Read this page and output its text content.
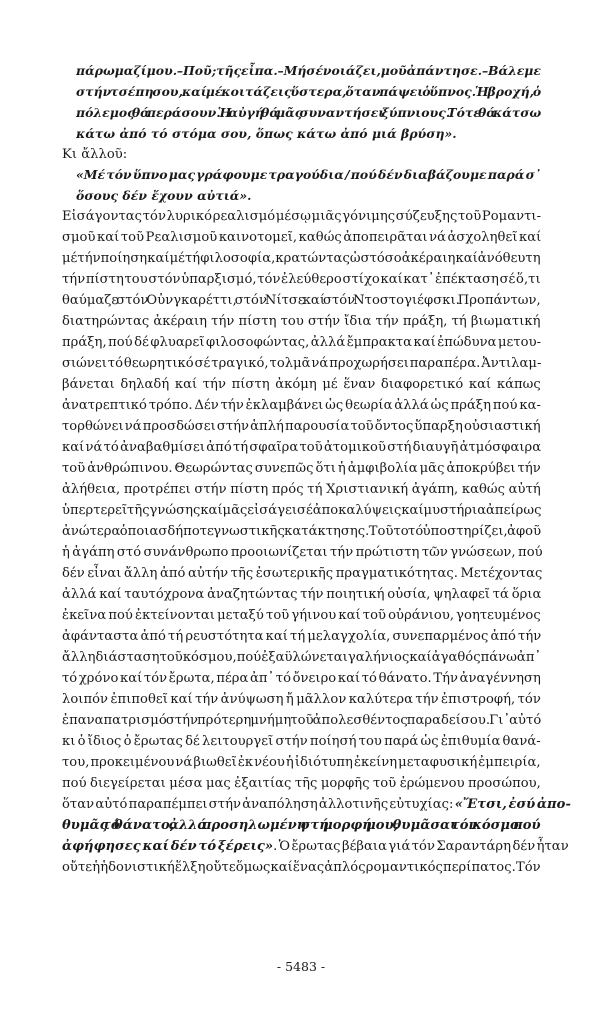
πάρω μαζί μου. – Ποῦ; τῆς εἶπα. – Μή σέ νοιάζει, μοῦ ἀπάντησε. – Βάλε με
στήν τσέπη σου, καί μέ κοιτάζεις ὕστερα, ὅταν πάψει ὁ ὕπνος. Ἡ βροχή, ὁ
πόλεμος θά περάσουν. Ἡ αὐγή θά μᾶς συναντήσει ξύπνιους. Τότε θά κάτσω
κάτω ἀπό τό στόμα σου, ὅπως κάτω ἀπό μιά βρύση».
Κι ἄλλοῦ:
«Μέ τόν ὕπνο μας γράφουμε τραγούδια / πού δέν διαβάζουμε παρά σ᾽
ὅσους δέν ἔχουν αὐτιά».
Εἰσάγοντας τόν λυρικό ρεαλισμό μέσῳ μιᾶς γόνιμης σύζευξης τοῦ Ρομαντι-
σμοῦ καί τοῦ Ρεαλισμοῦ καινοτομεῖ, καθώς ἀποπειρᾶται νά ἀσχοληθεῖ καί
μέ τήν ποίηση καί μέ τή φιλοσοφία, κρατώντας ὡστόσο ἀκέραιη καί ἀνόθευτη
τήν πίστη του στόν ὑπαρξισμό, τόν ἐλεύθερο στίχο καί κατ᾽ ἐπέκταση σέ ὅ,τι
θαύμαζε στόν Οὐνγκαρέττι, στόν Νίτσε καί στόν Ντοστογιέφσκι. Προπάντων,
διατηρώντας ἀκέραιη τήν πίστη του στήν ἴδια τήν πράξη, τή βιωματική
πράξη, πού δέ φλυαρεῖ φιλοσοφώντας, ἀλλά ἔμπρακτα καί ἐπώδυνα μετου-
σιώνει τό θεωρητικό σέ τραγικό, τολμᾶ νά προχωρήσει παραπέρα. Ἀντιλαμ-
βάνεται δηλαδή καί τήν πίστη ἀκόμη μέ ἕναν διαφορετικό καί κάπως
ἀνατρεπτικό τρόπο. Δέν τήν ἐκλαμβάνει ὡς θεωρία ἀλλά ὡς πράξη πού κα-
τορθώνει νά προσδώσει στήν ἁπλή παρουσία τοῦ ὄντος ὕπαρξη οὐσιαστική
καί νά τό ἀναβαθμίσει ἀπό τή σφαῖρα τοῦ ἀτομικοῦ στή διαυγῆ ἀτμόσφαιρα
τοῦ ἀνθρώπινου. Θεωρώντας συνεπῶς ὅτι ἡ ἀμφιβολία μᾶς ἀποκρύβει τήν
ἀλήθεια, προτρέπει στήν πίστη πρός τή Χριστιανική ἀγάπη, καθώς αὐτή
ὑπερτερεῖ τῆς γνώσης καί μᾶς εἰσάγει σέ ἀποκαλύψεις καί μυστήρια ἀπείρως
ἀνώτερα ὁποιασδήποτε γνωστικῆς κατάκτησης. Τοῦτο τό ὑποστηρίζει, ἀφοῦ
ἡ ἀγάπη στό συνάνθρωπο προοιωνίζεται τήν πρώτιστη τῶν γνώσεων, πού
δέν εἶναι ἄλλη ἀπό αὐτήν τῆς ἐσωτερικῆς πραγματικότητας. Μετέχοντας
ἀλλά καί ταυτόχρονα ἀναζητώντας τήν ποιητική οὐσία, ψηλαφεῖ τά ὅρια
ἐκεῖνα πού ἐκτείνονται μεταξύ τοῦ γήινου καί τοῦ οὐράνιου, γοητευμένος
ἀφάνταστα ἀπό τή ρευστότητα καί τή μελαγχολία, συνεπαρμένος ἀπό τήν
ἄλλη διάσταση τοῦ κόσμου, πού ἐξαϋλώνεται γαλήνιος καί ἀγαθός πάνω ἀπ᾽
τό χρόνο καί τόν ἔρωτα, πέρα ἀπ᾽ τό ὄνειρο καί τό θάνατο. Τήν ἀναγέννηση
λοιπόν ἐπιποθεῖ καί τήν ἀνύψωση ἤ μᾶλλον καλύτερα τήν ἐπιστροφή, τόν
ἐπαναπατρισμό στήν πρότερη μνήμη τοῦ ἀπολεσθέντος παραδείσου. Γι᾽ αὐτό
κι ὁ ἴδιος ὁ ἔρωτας δέ λειτουργεῖ στήν ποίησή του παρά ὡς ἐπιθυμία θανά-
του, προκειμένου νά βιωθεῖ ἐκ νέου ἡ ἰδιότυπη ἐκείνη μεταφυσική ἐμπειρία,
πού διεγείρεται μέσα μας ἐξαιτίας τῆς μορφῆς τοῦ ἐρώμενου προσώπου,
ὅταν αὐτό παραπέμπει στήν ἀναπόληση ἀλλοτινῆς εὐτυχίας: «Ἔτσι, ἐσύ ἀπο-
θυμᾶς τό θάνατο, ἀλλά προσηλωμένη στή μορφή μου, θυμᾶσαι τόν κόσμο πού
ἀφήφησες καί δέν τό ξέρεις». Ὁ ἔρωτας βέβαια γιά τόν Σαραντάρη δέν ἦταν
οὔτε ἡ ἡδονιστική ἕλξη οὔτε ὅμως καί ἕνας ἁπλός ρομαντικός περίπατος. Τόν
- 5483 -
